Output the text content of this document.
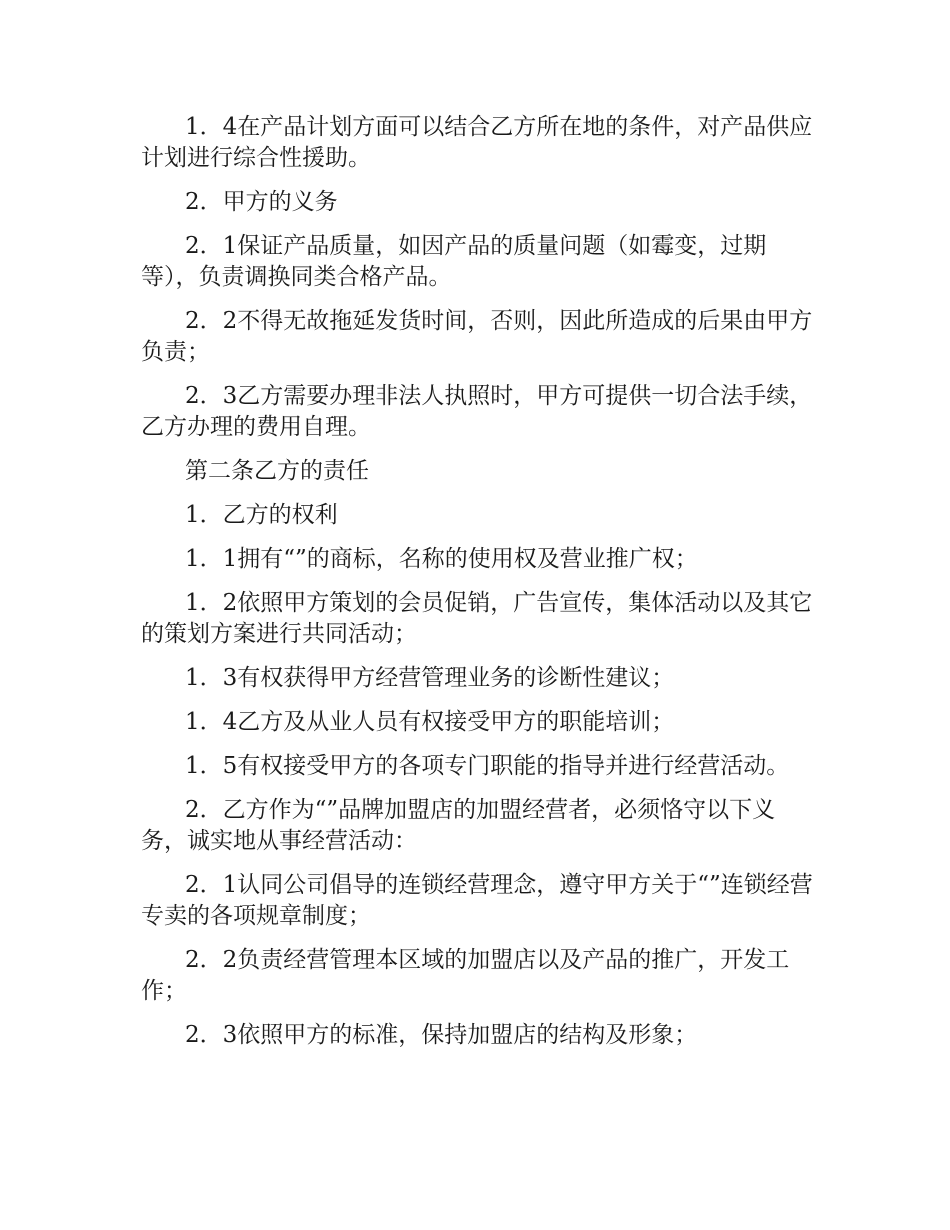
1．4在产品计划方面可以结合乙方所在地的条件，对产品供应计划进行综合性援助。

2．甲方的义务

2．1保证产品质量，如因产品的质量问题（如霉变，过期等），负责调换同类合格产品。

2．2不得无故拖延发货时间，否则，因此所造成的后果由甲方负责；

2．3乙方需要办理非法人执照时，甲方可提供一切合法手续，乙方办理的费用自理。

第二条乙方的责任

1．乙方的权利

1．1拥有“”的商标，名称的使用权及营业推广权；

1．2依照甲方策划的会员促销，广告宣传，集体活动以及其它的策划方案进行共同活动；

1．3有权获得甲方经营管理业务的诊断性建议；

1．4乙方及从业人员有权接受甲方的职能培训；

1．5有权接受甲方的各项专门职能的指导并进行经营活动。

2．乙方作为“”品牌加盟店的加盟经营者，必须恪守以下义务，诚实地从事经营活动：

2．1认同公司倡导的连锁经营理念，遵守甲方关于“”连锁经营专卖的各项规章制度；

2．2负责经营管理本区域的加盟店以及产品的推广，开发工作；

2．3依照甲方的标准，保持加盟店的结构及形象；
